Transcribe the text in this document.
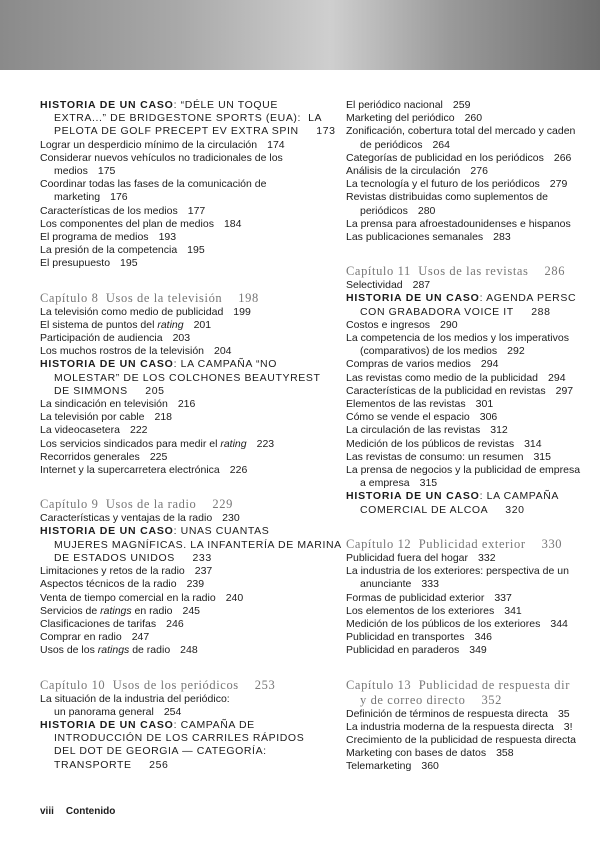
HISTORIA DE UN CASO: “DÉLE UN TOQUE
EXTRA...” DE BRIDGESTONE SPORTS (EUA):  LA
PELOTA DE GOLF PRECEPT EV EXTRA SPIN     173
Lograr un desperdicio mínimo de la circulación 174
Considerar nuevos vehículos no tradicionales de los
medios 175
Coordinar todas las fases de la comunicación de
marketing 176
Características de los medios 177
Los componentes del plan de medios 184
El programa de medios 193
La presión de la competencia 195
El presupuesto 195
Capítulo 8  Usos de la televisión 198
La televisión como medio de publicidad 199
El sistema de puntos del rating 201
Participación de audiencia 203
Los muchos rostros de la televisión 204
HISTORIA DE UN CASO: LA CAMPAÑA “NO
MOLESTAR” DE LOS COLCHONES BEAUTYREST
DE SIMMONS     205
La sindicación en televisión 216
La televisión por cable 218
La videocasetera 222
Los servicios sindicados para medir el rating 223
Recorridos generales 225
Internet y la supercarretera electrónica 226
Capítulo 9  Usos de la radio 229
Características y ventajas de la radio 230
HISTORIA DE UN CASO: UNAS CUANTAS
MUJERES MAGNÍFICAS. LA INFANTERÍA DE MARINA
DE ESTADOS UNIDOS     233
Limitaciones y retos de la radio 237
Aspectos técnicos de la radio 239
Venta de tiempo comercial en la radio 240
Servicios de ratings en radio 245
Clasificaciones de tarifas 246
Comprar en radio 247
Usos de los ratings de radio 248
Capítulo 10  Usos de los periódicos 253
La situación de la industria del periódico:
un panorama general 254
HISTORIA DE UN CASO: CAMPAÑA DE
INTRODUCCIÓN DE LOS CARRILES RÁPIDOS
DEL DOT DE GEORGIA — CATEGORÍA:
TRANSPORTE     256
El periódico nacional 259
Marketing del periódico 260
Zonificación, cobertura total del mercado y caden
de periódicos 264
Categorías de publicidad en los periódicos 266
Análisis de la circulación 276
La tecnología y el futuro de los periódicos 279
Revistas distribuidas como suplementos de
periódicos 280
La prensa para afroestadounidenses e hispanos
Las publicaciones semanales 283
Capítulo 11  Usos de las revistas 286
Selectividad 287
HISTORIA DE UN CASO: AGENDA PERSC
CON GRABADORA VOICE IT     288
Costos e ingresos 290
La competencia de los medios y los imperativos
(comparativos) de los medios 292
Compras de varios medios 294
Las revistas como medio de la publicidad 294
Características de la publicidad en revistas 297
Elementos de las revistas 301
Cómo se vende el espacio 306
La circulación de las revistas 312
Medición de los públicos de revistas 314
Las revistas de consumo: un resumen 315
La prensa de negocios y la publicidad de empresa
a empresa 315
HISTORIA DE UN CASO: LA CAMPAÑA
COMERCIAL DE ALCOA     320
Capítulo 12  Publicidad exterior 330
Publicidad fuera del hogar 332
La industria de los exteriores: perspectiva de un
anunciante 333
Formas de publicidad exterior 337
Los elementos de los exteriores 341
Medición de los públicos de los exteriores 344
Publicidad en transportes 346
Publicidad en paraderos 349
Capítulo 13  Publicidad de respuesta dir
y de correo directo 352
Definición de términos de respuesta directa 35
La industria moderna de la respuesta directa 3!
Crecimiento de la publicidad de respuesta directa
Marketing con bases de datos 358
Telemarketing 360
viii Contenido
